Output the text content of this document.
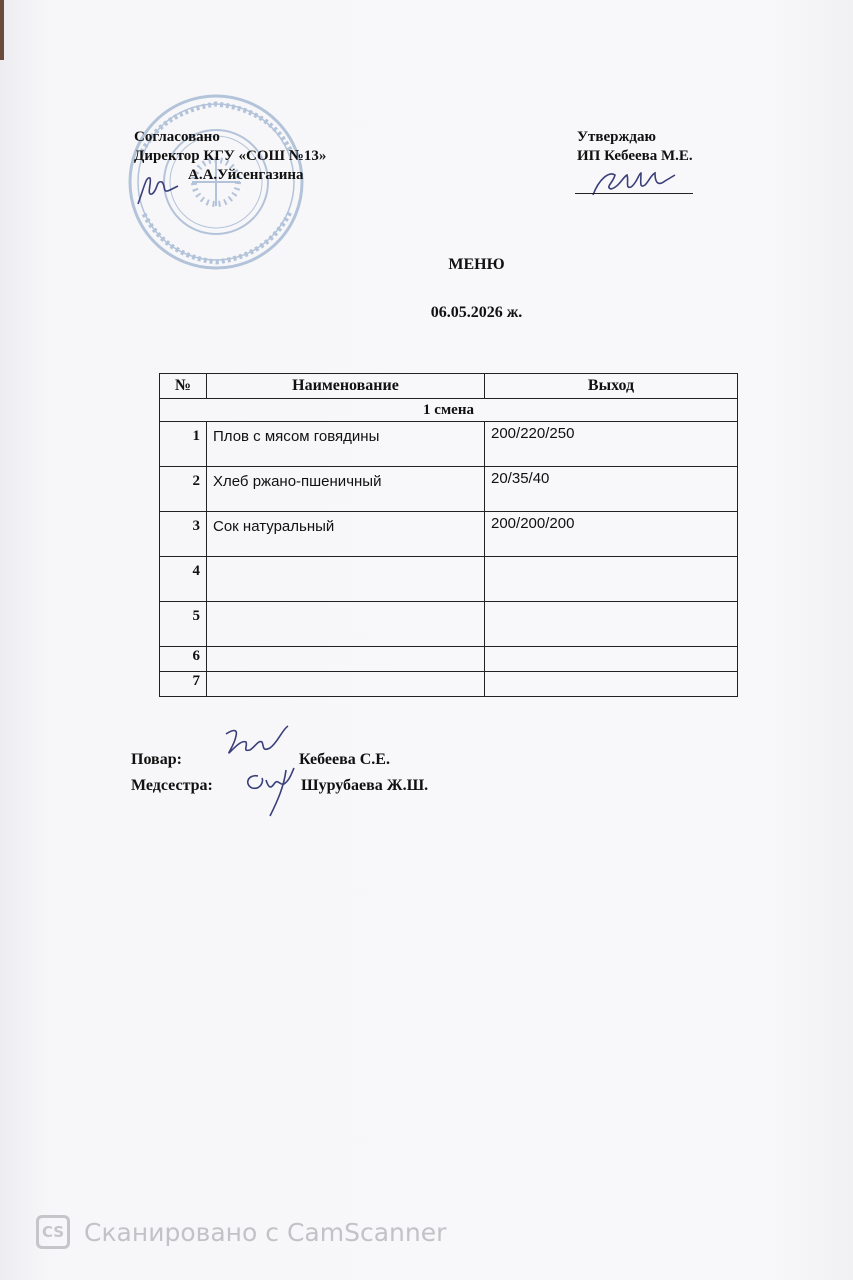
Согласовано
Директор КГУ «СОШ №13»
А.А.Уйсенгазина
Утверждаю
ИП Кебеева М.Е.
МЕНЮ
06.05.2026 ж.
№	Наименование	Выход
1 смена		
1	Плов с мясом говядины	200/220/250
2	Хлеб ржано-пшеничный	20/35/40
3	Сок натуральный	200/200/200
4		
5		
6		
7		
Повар:	Кебеева С.Е.
Медсестра:	Шурубаева Ж.Ш.
CS Сканировано с CamScanner
